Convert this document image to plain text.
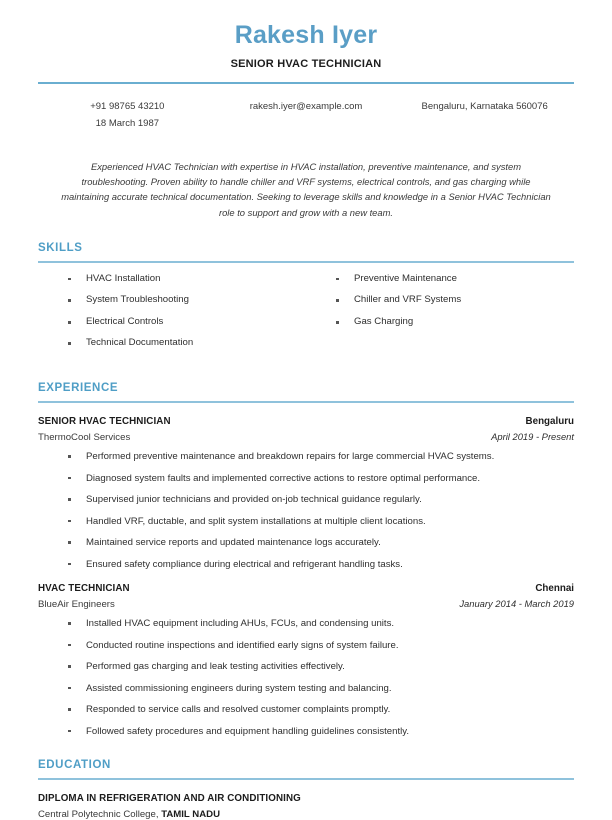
Rakesh Iyer
SENIOR HVAC TECHNICIAN
+91 98765 43210
18 March 1987
rakesh.iyer@example.com	Bengaluru, Karnataka 560076
Experienced HVAC Technician with expertise in HVAC installation, preventive maintenance, and system troubleshooting. Proven ability to handle chiller and VRF systems, electrical controls, and gas charging while maintaining accurate technical documentation. Seeking to leverage skills and knowledge in a Senior HVAC Technician role to support and grow with a new team.
SKILLS
HVAC Installation
System Troubleshooting
Electrical Controls
Technical Documentation
Preventive Maintenance
Chiller and VRF Systems
Gas Charging
EXPERIENCE
SENIOR HVAC TECHNICIAN	Bengaluru
ThermoCool Services	April 2019 - Present
Performed preventive maintenance and breakdown repairs for large commercial HVAC systems.
Diagnosed system faults and implemented corrective actions to restore optimal performance.
Supervised junior technicians and provided on-job technical guidance regularly.
Handled VRF, ductable, and split system installations at multiple client locations.
Maintained service reports and updated maintenance logs accurately.
Ensured safety compliance during electrical and refrigerant handling tasks.
HVAC TECHNICIAN	Chennai
BlueAir Engineers	January 2014 - March 2019
Installed HVAC equipment including AHUs, FCUs, and condensing units.
Conducted routine inspections and identified early signs of system failure.
Performed gas charging and leak testing activities effectively.
Assisted commissioning engineers during system testing and balancing.
Responded to service calls and resolved customer complaints promptly.
Followed safety procedures and equipment handling guidelines consistently.
EDUCATION
DIPLOMA IN REFRIGERATION AND AIR CONDITIONING
Central Polytechnic College, TAMIL NADU
